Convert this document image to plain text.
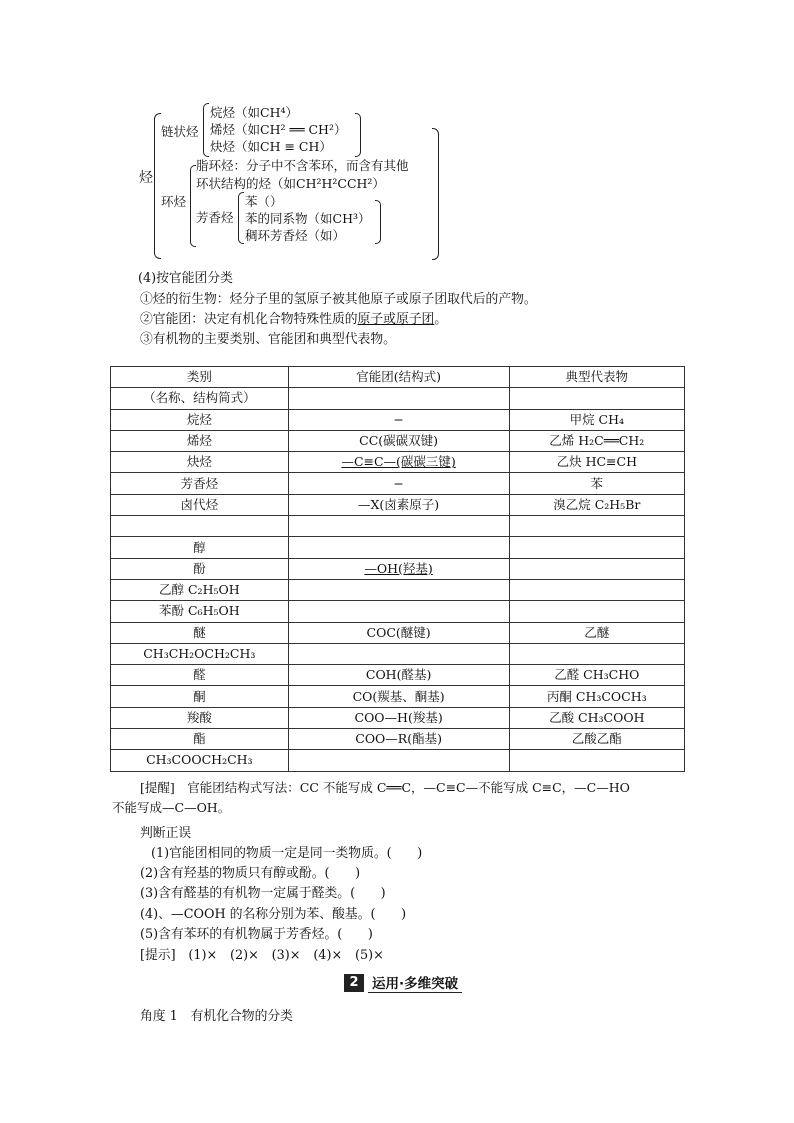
烃
链状烃
烷烃（如CH⁴）
烯烃（如CH² ══ CH²）
炔烃（如CH ≡ CH）
脂环烃：分子中不含苯环，而含有其他
环烃
环状结构的烃（如CH²H²CCH²）
芳香烃
苯（）
苯的同系物（如CH³）
稠环芳香烃（如）
(4)按官能团分类
①烃的衍生物：烃分子里的氢原子被其他原子或原子团取代后的产物。
②官能团：决定有机化合物特殊性质的原子或原子团。
③有机物的主要类别、官能团和典型代表物。
类别	官能团(结构式)	典型代表物
（名称、结构简式）		
烷烃	−	甲烷 CH₄
烯烃	CC(碳碳双键)	乙烯 H₂C══CH₂
炔烃	—C≡C—(碳碳三键)	乙炔 HC≡CH
芳香烃	−	苯
卤代烃	—X(卤素原子)	溴乙烷 C₂H₅Br

醇		
酚	—OH(羟基)	
乙醇 C₂H₅OH		
苯酚 C₆H₅OH		
醚	COC(醚键)	乙醚
CH₃CH₂OCH₂CH₃		
醛	COH(醛基)	乙醛 CH₃CHO
酮	CO(羰基、酮基)	丙酮 CH₃COCH₃
羧酸	COO—H(羧基)	乙酸 CH₃COOH
酯	COO—R(酯基)	乙酸乙酯
CH₃COOCH₂CH₃		
[提醒]　官能团结构式写法：CC 不能写成 C══C，—C≡C—不能写成 C≡C，—C—HO
不能写成—C—OH。
判断正误
(1)官能团相同的物质一定是同一类物质。(　　)
(2)含有羟基的物质只有醇或酚。(　　)
(3)含有醛基的有机物一定属于醛类。(　　)
(4)、—COOH 的名称分别为苯、酸基。(　　)
(5)含有苯环的有机物属于芳香烃。(　　)
[提示]　(1)×　(2)×　(3)×　(4)×　(5)×
2 运用·多维突破
角度 1　有机化合物的分类
